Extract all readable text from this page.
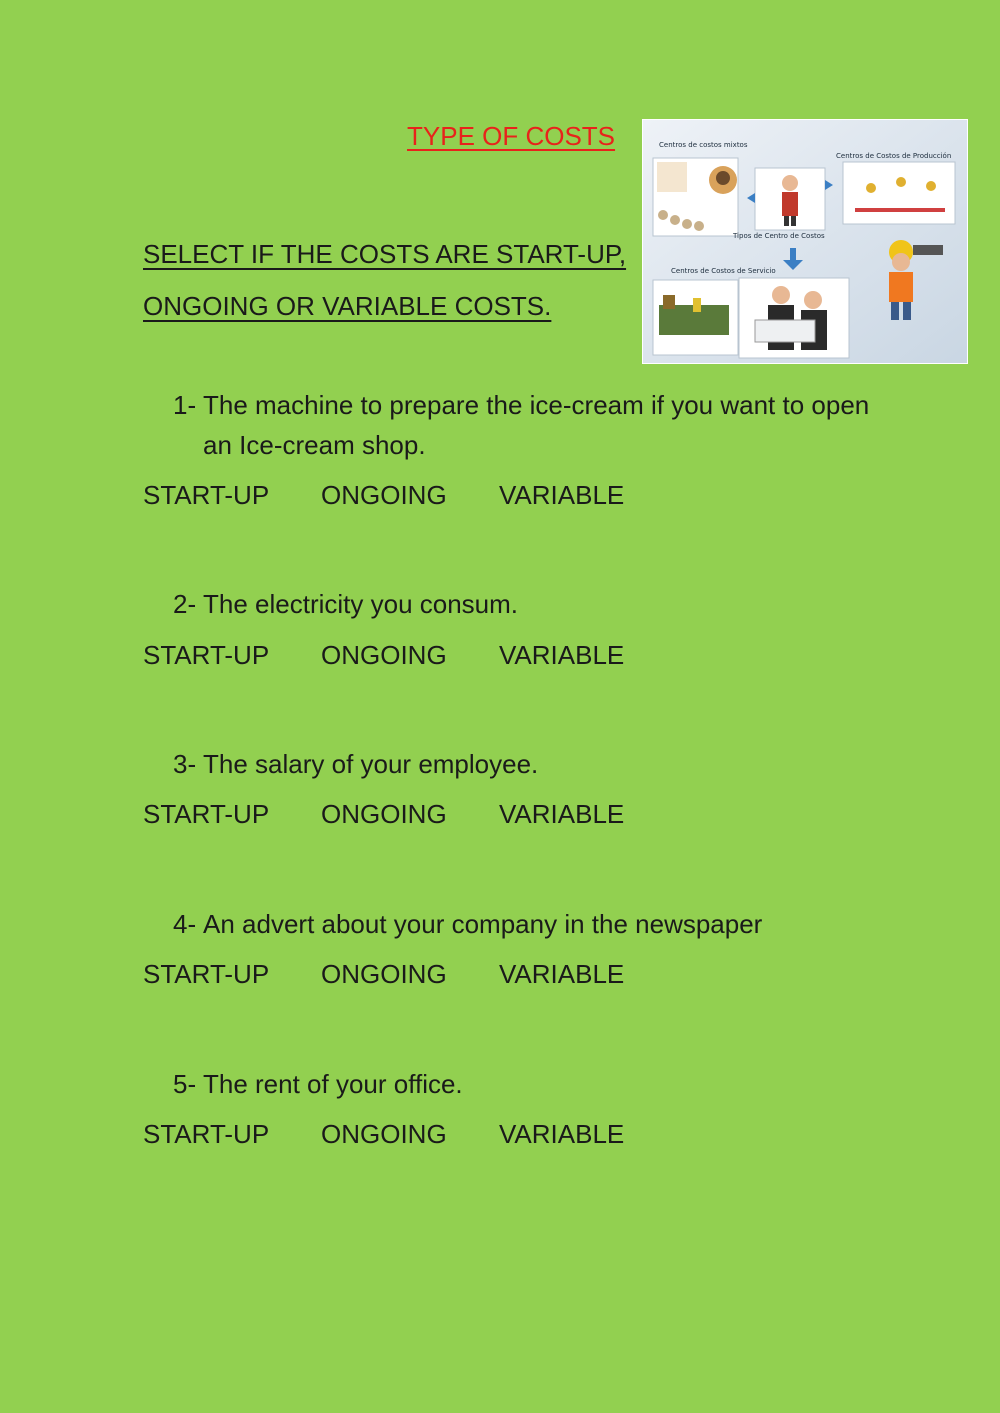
TYPE OF COSTS
SELECT IF THE COSTS ARE START-UP,
ONGOING OR VARIABLE COSTS.
Centros de costos mixtos
Centros de Costos de Producción
Tipos de Centro de Costos
Centros de Costos de Servicio
1- The machine to prepare the ice-cream if you want to open an Ice-cream shop.
START-UP ONGOING VARIABLE
2- The electricity you consum.
START-UP ONGOING VARIABLE
3- The salary of your employee.
START-UP ONGOING VARIABLE
4- An advert about your company in the newspaper
START-UP ONGOING VARIABLE
5- The rent of your office.
START-UP ONGOING VARIABLE
